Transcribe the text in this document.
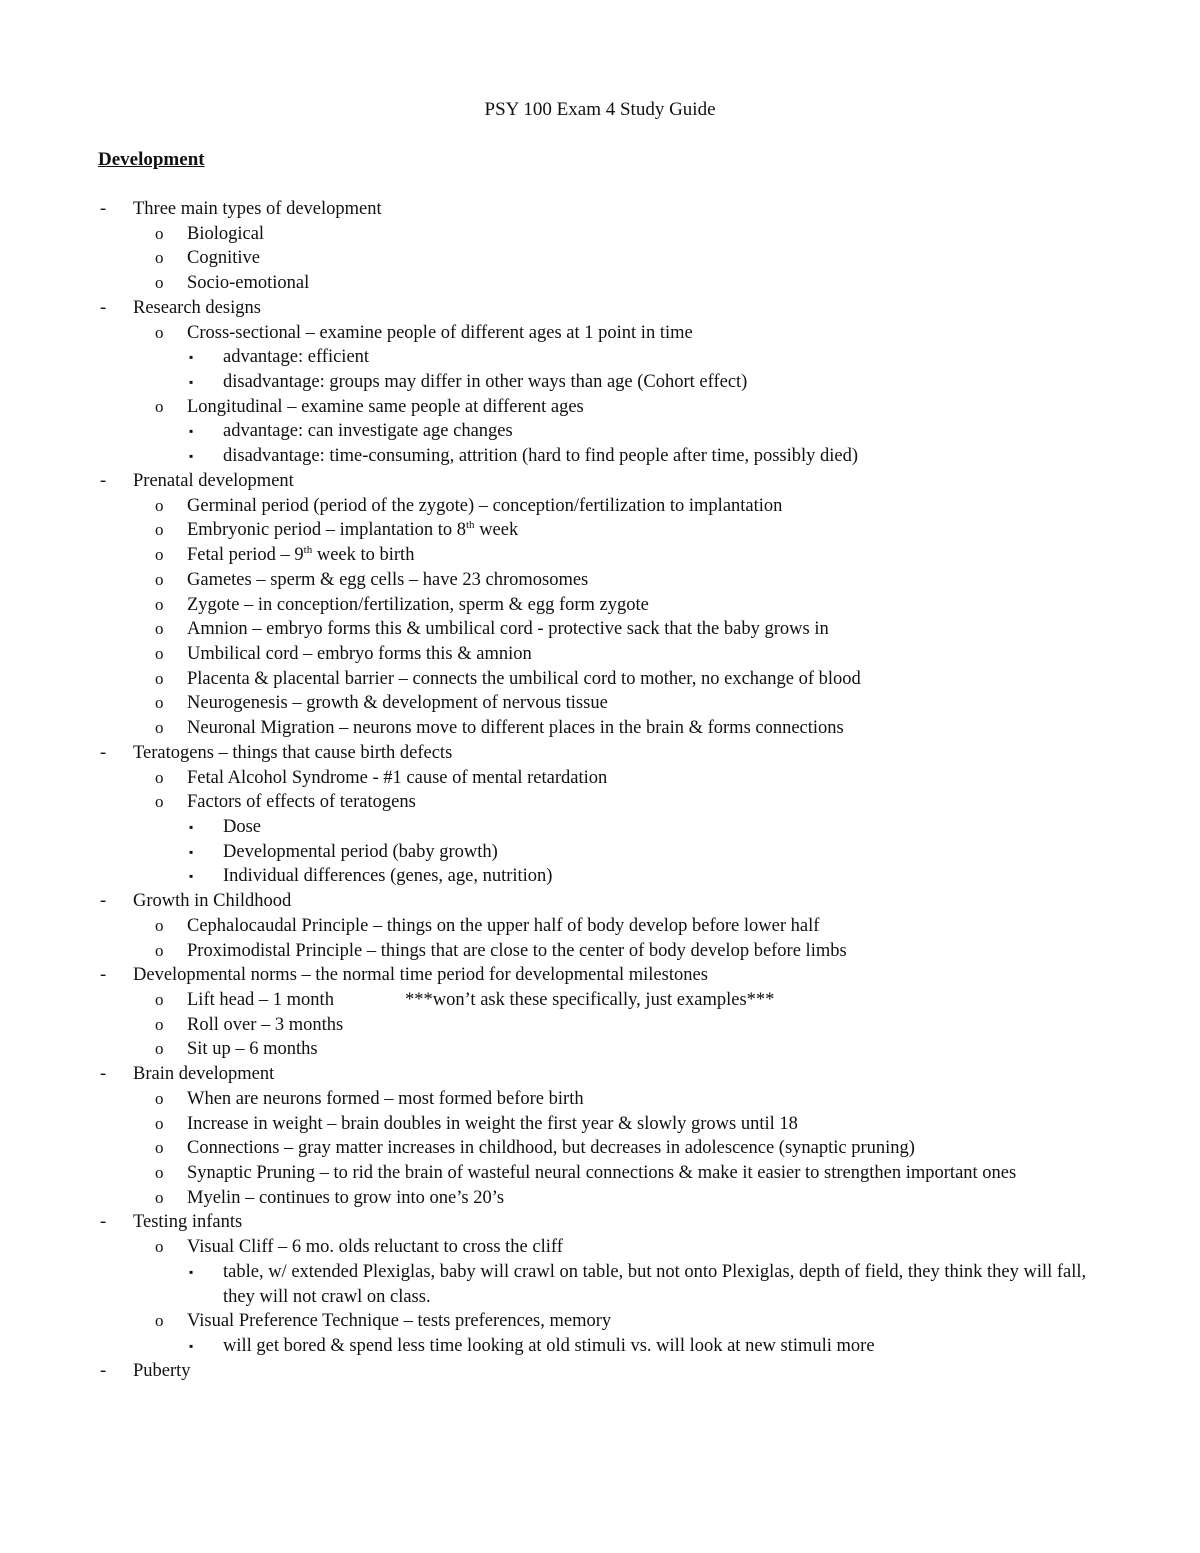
PSY 100 Exam 4 Study Guide
Development
- Three main types of development
o Biological
o Cognitive
o Socio-emotional
- Research designs
o Cross-sectional – examine people of different ages at 1 point in time
▪ advantage: efficient
▪ disadvantage: groups may differ in other ways than age (Cohort effect)
o Longitudinal – examine same people at different ages
▪ advantage: can investigate age changes
▪ disadvantage: time-consuming, attrition (hard to find people after time, possibly died)
- Prenatal development
o Germinal period (period of the zygote) – conception/fertilization to implantation
o Embryonic period – implantation to 8th week
o Fetal period – 9th week to birth
o Gametes – sperm & egg cells – have 23 chromosomes
o Zygote – in conception/fertilization, sperm & egg form zygote
o Amnion – embryo forms this & umbilical cord - protective sack that the baby grows in
o Umbilical cord – embryo forms this & amnion
o Placenta & placental barrier – connects the umbilical cord to mother, no exchange of blood
o Neurogenesis – growth & development of nervous tissue
o Neuronal Migration – neurons move to different places in the brain & forms connections
- Teratogens – things that cause birth defects
o Fetal Alcohol Syndrome - #1 cause of mental retardation
o Factors of effects of teratogens
▪ Dose
▪ Developmental period (baby growth)
▪ Individual differences (genes, age, nutrition)
- Growth in Childhood
o Cephalocaudal Principle – things on the upper half of body develop before lower half
o Proximodistal Principle – things that are close to the center of body develop before limbs
- Developmental norms – the normal time period for developmental milestones
o Lift head – 1 month	***won’t ask these specifically, just examples***
o Roll over – 3 months
o Sit up – 6 months
- Brain development
o When are neurons formed – most formed before birth
o Increase in weight – brain doubles in weight the first year & slowly grows until 18
o Connections – gray matter increases in childhood, but decreases in adolescence (synaptic pruning)
o Synaptic Pruning – to rid the brain of wasteful neural connections & make it easier to strengthen important ones
o Myelin – continues to grow into one’s 20’s
- Testing infants
o Visual Cliff – 6 mo. olds reluctant to cross the cliff
▪ table, w/ extended Plexiglas, baby will crawl on table, but not onto Plexiglas, depth of field, they think they will fall, they will not crawl on class.
o Visual Preference Technique – tests preferences, memory
▪ will get bored & spend less time looking at old stimuli vs. will look at new stimuli more
- Puberty
